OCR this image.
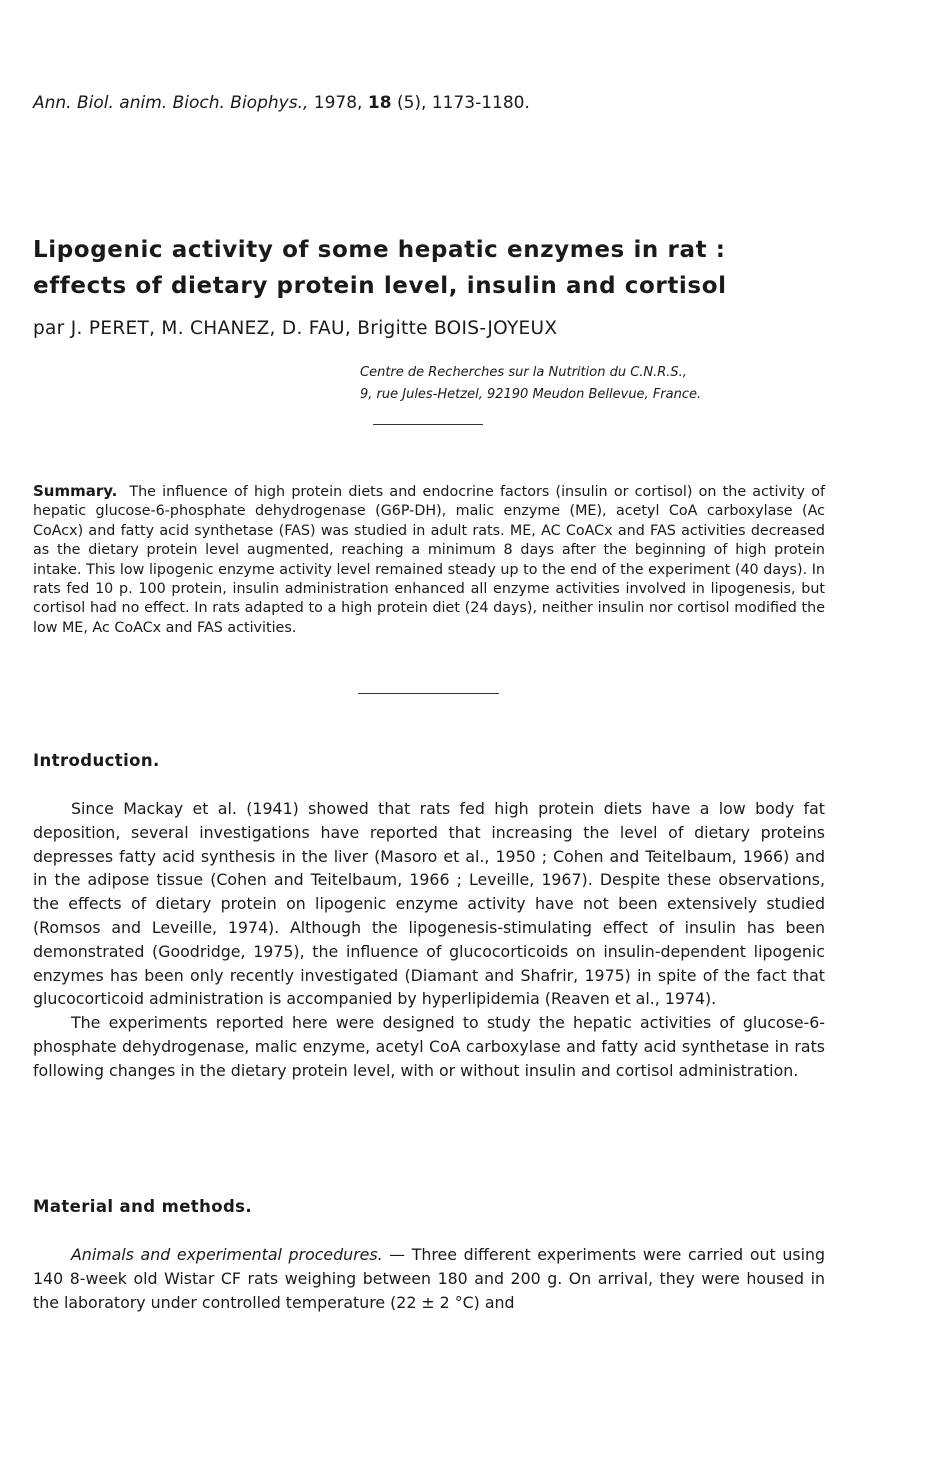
Ann. Biol. anim. Bioch. Biophys., 1978, 18 (5), 1173-1180.
Lipogenic activity of some hepatic enzymes in rat :
effects of dietary protein level, insulin and cortisol
par J. PERET, M. CHANEZ, D. FAU, Brigitte BOIS-JOYEUX
Centre de Recherches sur la Nutrition du C.N.R.S.,
9, rue Jules-Hetzel, 92190 Meudon Bellevue, France.
Summary. The influence of high protein diets and endocrine factors (insulin or cortisol) on the activity of hepatic glucose-6-phosphate dehydrogenase (G6P-DH), malic enzyme (ME), acetyl CoA carboxylase (Ac CoAcx) and fatty acid synthetase (FAS) was studied in adult rats. ME, AC CoACx and FAS activities decreased as the dietary protein level augmented, reaching a minimum 8 days after the beginning of high protein intake. This low lipogenic enzyme activity level remained steady up to the end of the experiment (40 days). In rats fed 10 p. 100 protein, insulin administration enhanced all enzyme activities involved in lipogenesis, but cortisol had no effect. In rats adapted to a high protein diet (24 days), neither insulin nor cortisol modified the low ME, Ac CoACx and FAS activities.
Introduction.

Since Mackay et al. (1941) showed that rats fed high protein diets have a low body fat deposition, several investigations have reported that increasing the level of dietary proteins depresses fatty acid synthesis in the liver (Masoro et al., 1950 ; Cohen and Teitelbaum, 1966) and in the adipose tissue (Cohen and Teitelbaum, 1966 ; Leveille, 1967). Despite these observations, the effects of dietary protein on lipogenic enzyme activity have not been extensively studied (Romsos and Leveille, 1974). Although the lipogenesis-stimulating effect of insulin has been demonstrated (Goodridge, 1975), the influence of glucocorticoids on insulin-dependent lipogenic enzymes has been only recently investigated (Diamant and Shafrir, 1975) in spite of the fact that glucocorticoid administration is accompanied by hyperlipidemia (Reaven et al., 1974).

The experiments reported here were designed to study the hepatic activities of glucose-6-phosphate dehydrogenase, malic enzyme, acetyl CoA carboxylase and fatty acid synthetase in rats following changes in the dietary protein level, with or without insulin and cortisol administration.

Material and methods.

Animals and experimental procedures. — Three different experiments were carried out using 140 8-week old Wistar CF rats weighing between 180 and 200 g. On arrival, they were housed in the laboratory under controlled temperature (22 ± 2 °C) and
